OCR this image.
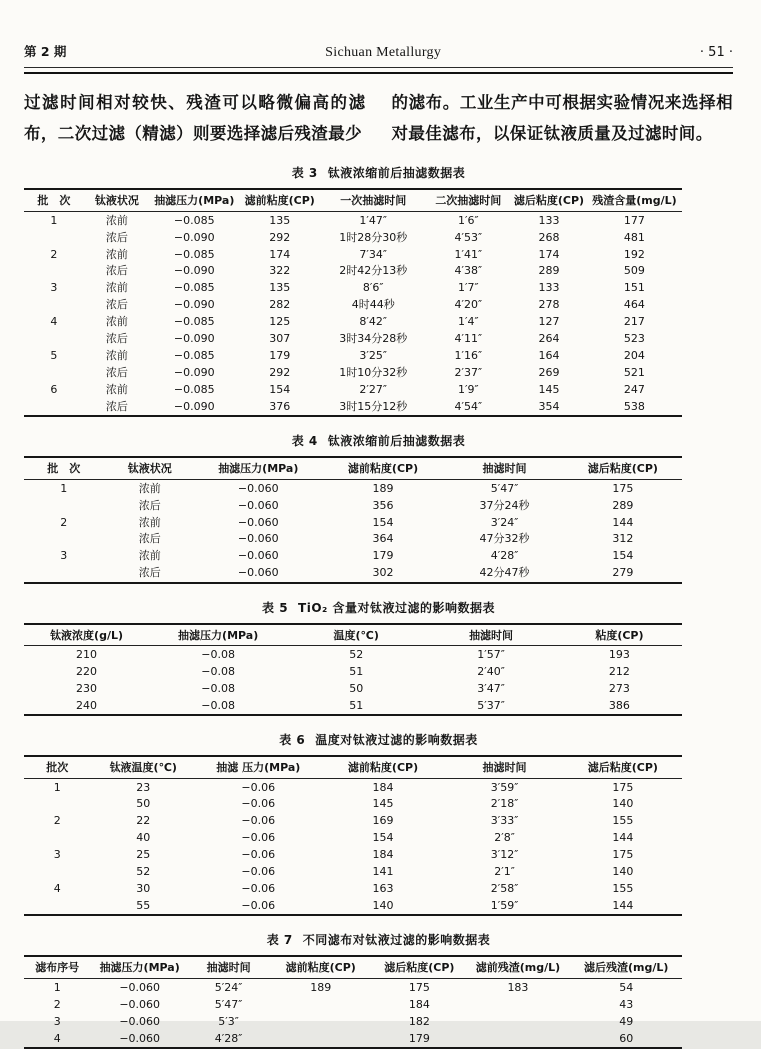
第 2 期	Sichuan Metallurgy	· 51 ·

过滤时间相对较快、残渣可以略微偏高的滤布，二次过滤（精滤）则要选择滤后残渣最少

的滤布。工业生产中可根据实验情况来选择相对最佳滤布，以保证钛液质量及过滤时间。

表 3 钛液浓缩前后抽滤数据表
批　次	钛液状况	抽滤压力(MPa)	滤前粘度(CP)	一次抽滤时间	二次抽滤时间	滤后粘度(CP)	残渣含量(mg/L)
1	浓前	−0.085	135	1′47″	1′6″	133	177
	浓后	−0.090	292	1时28分30秒	4′53″	268	481
2	浓前	−0.085	174	7′34″	1′41″	174	192
	浓后	−0.090	322	2时42分13秒	4′38″	289	509
3	浓前	−0.085	135	8′6″	1′7″	133	151
	浓后	−0.090	282	4时44秒	4′20″	278	464
4	浓前	−0.085	125	8′42″	1′4″	127	217
	浓后	−0.090	307	3时34分28秒	4′11″	264	523
5	浓前	−0.085	179	3′25″	1′16″	164	204
	浓后	−0.090	292	1时10分32秒	2′37″	269	521
6	浓前	−0.085	154	2′27″	1′9″	145	247
	浓后	−0.090	376	3时15分12秒	4′54″	354	538
表 4 钛液浓缩前后抽滤数据表
批　次	钛液状况	抽滤压力(MPa)	滤前粘度(CP)	抽滤时间	滤后粘度(CP)
1	浓前	−0.060	189	5′47″	175
	浓后	−0.060	356	37分24秒	289
2	浓前	−0.060	154	3′24″	144
	浓后	−0.060	364	47分32秒	312
3	浓前	−0.060	179	4′28″	154
	浓后	−0.060	302	42分47秒	279
表 5 TiO₂ 含量对钛液过滤的影响数据表
钛液浓度(g/L)	抽滤压力(MPa)	温度(℃)	抽滤时间	粘度(CP)
210	−0.08	52	1′57″	193
220	−0.08	51	2′40″	212
230	−0.08	50	3′47″	273
240	−0.08	51	5′37″	386
表 6 温度对钛液过滤的影响数据表
批次	钛液温度(℃)	抽滤 压力(MPa)	滤前粘度(CP)	抽滤时间	滤后粘度(CP)
1	23	−0.06	184	3′59″	175
	50	−0.06	145	2′18″	140
2	22	−0.06	169	3′33″	155
	40	−0.06	154	2′8″	144
3	25	−0.06	184	3′12″	175
	52	−0.06	141	2′1″	140
4	30	−0.06	163	2′58″	155
	55	−0.06	140	1′59″	144
表 7 不同滤布对钛液过滤的影响数据表
滤布序号	抽滤压力(MPa)	抽滤时间	滤前粘度(CP)	滤后粘度(CP)	滤前残渣(mg/L)	滤后残渣(mg/L)
1	−0.060	5′24″	189	175	183	54
2	−0.060	5′47″		184		43
3	−0.060	5′3″		182		49
4	−0.060	4′28″		179		60
